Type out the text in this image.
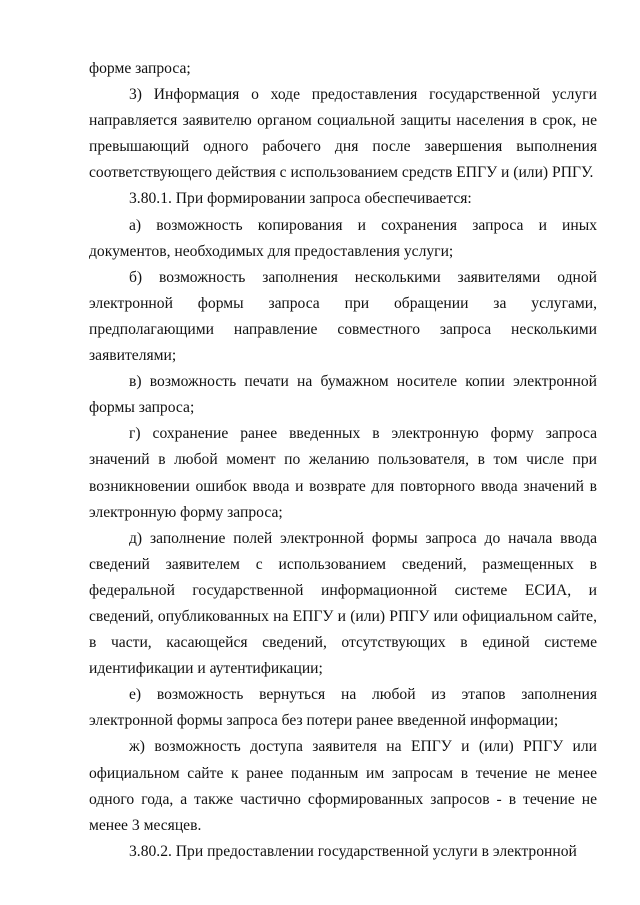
форме запроса;

3) Информация о ходе предоставления государственной услуги направляется заявителю органом социальной защиты населения в срок, не превышающий одного рабочего дня после завершения выполнения соответствующего действия с использованием средств ЕПГУ и (или) РПГУ.

3.80.1. При формировании запроса обеспечивается:

а) возможность копирования и сохранения запроса и иных документов, необходимых для предоставления услуги;

б) возможность заполнения несколькими заявителями одной электронной формы запроса при обращении за услугами, предполагающими направление совместного запроса несколькими заявителями;

в) возможность печати на бумажном носителе копии электронной формы запроса;

г) сохранение ранее введенных в электронную форму запроса значений в любой момент по желанию пользователя, в том числе при возникновении ошибок ввода и возврате для повторного ввода значений в электронную форму запроса;

д) заполнение полей электронной формы запроса до начала ввода сведений заявителем с использованием сведений, размещенных в федеральной государственной информационной системе ЕСИА, и сведений, опубликованных на ЕПГУ и (или) РПГУ или официальном сайте, в части, касающейся сведений, отсутствующих в единой системе идентификации и аутентификации;

е) возможность вернуться на любой из этапов заполнения электронной формы запроса без потери ранее введенной информации;

ж) возможность доступа заявителя на ЕПГУ и (или) РПГУ или официальном сайте к ранее поданным им запросам в течение не менее одного года, а также частично сформированных запросов - в течение не менее 3 месяцев.

3.80.2. При предоставлении государственной услуги в электронной
